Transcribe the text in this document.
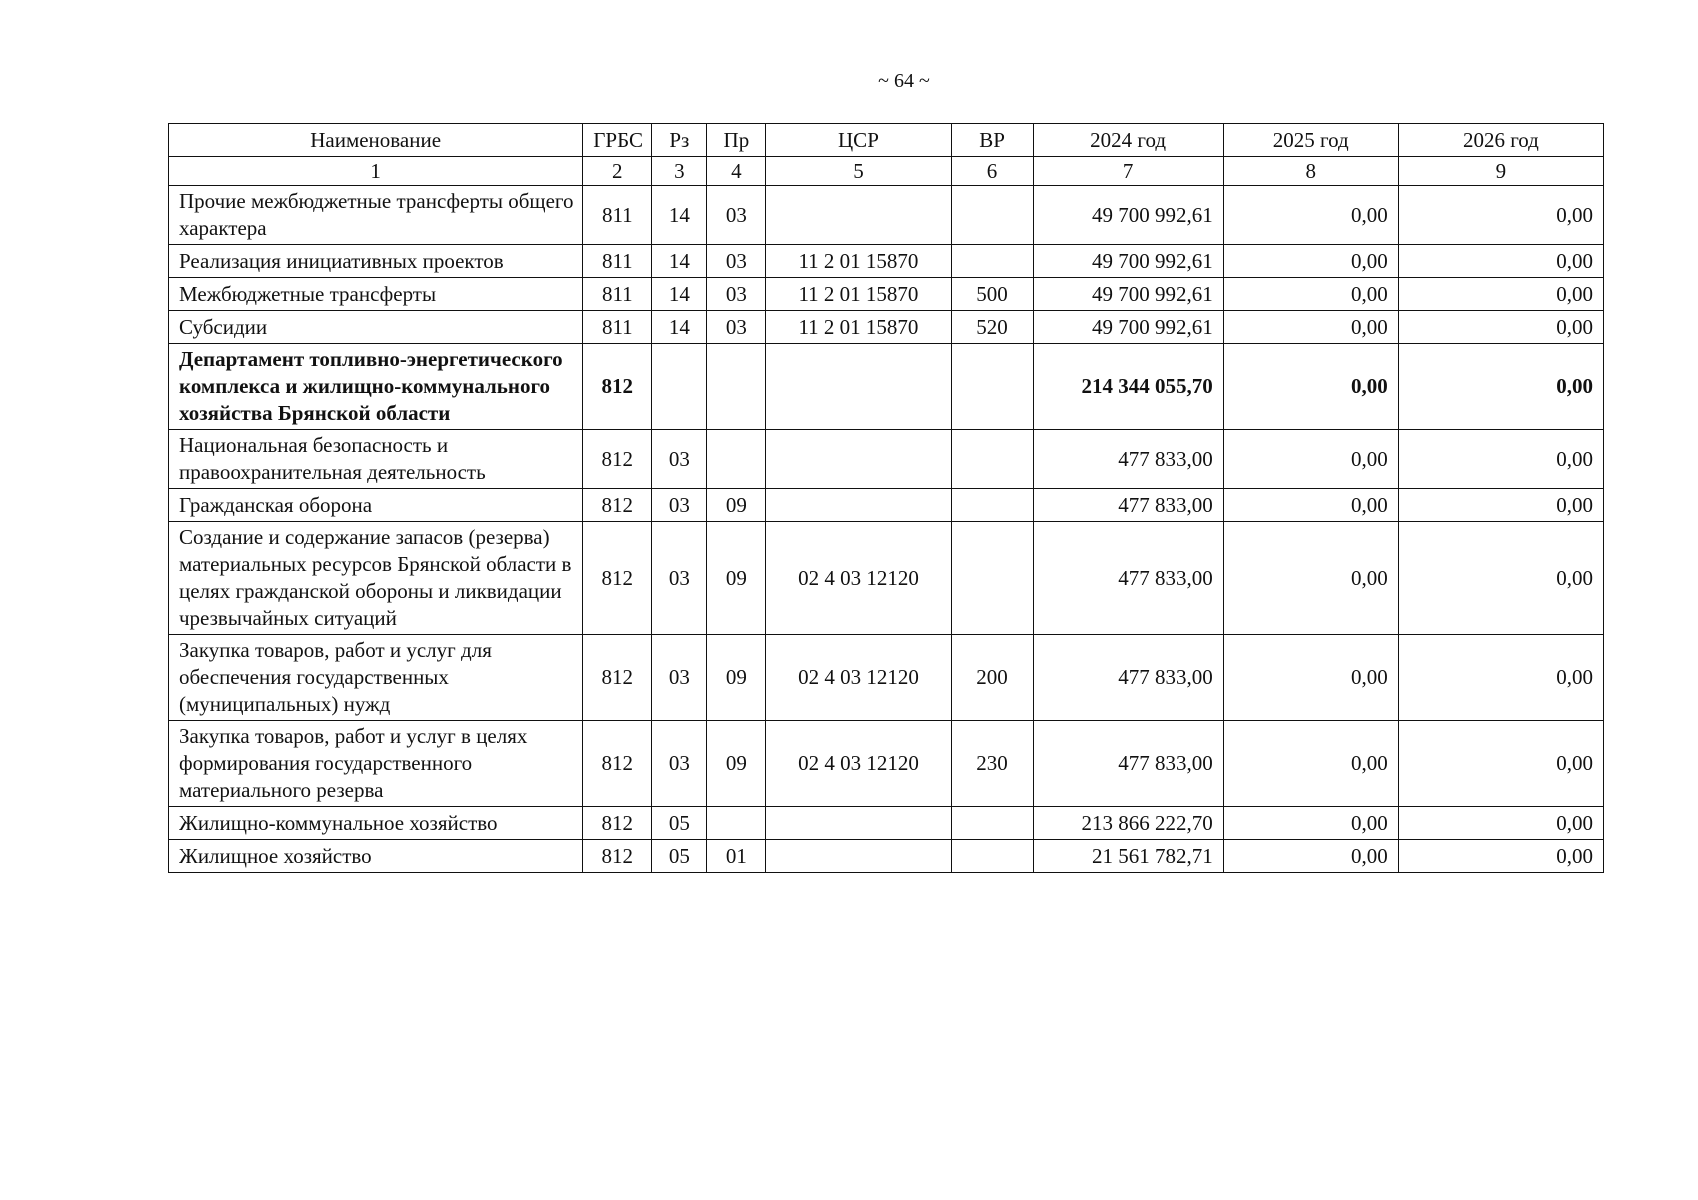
~ 64 ~
Наименование	ГРБС	Рз	Пр	ЦСР	ВР	2024 год	2025 год	2026 год
1	2	3	4	5	6	7	8	9
Прочие межбюджетные трансферты общего характера	811	14	03			49 700 992,61	0,00	0,00
Реализация инициативных проектов	811	14	03	11 2 01 15870		49 700 992,61	0,00	0,00
Межбюджетные трансферты	811	14	03	11 2 01 15870	500	49 700 992,61	0,00	0,00
Субсидии	811	14	03	11 2 01 15870	520	49 700 992,61	0,00	0,00
Департамент топливно-энергетического комплекса и жилищно-коммунального хозяйства Брянской области	812					214 344 055,70	0,00	0,00
Национальная безопасность и правоохранительная деятельность	812	03				477 833,00	0,00	0,00
Гражданская оборона	812	03	09			477 833,00	0,00	0,00
Создание и содержание запасов (резерва) материальных ресурсов Брянской области в целях гражданской обороны и ликвидации чрезвычайных ситуаций	812	03	09	02 4 03 12120		477 833,00	0,00	0,00
Закупка товаров, работ и услуг для обеспечения государственных (муниципальных) нужд	812	03	09	02 4 03 12120	200	477 833,00	0,00	0,00
Закупка товаров, работ и услуг в целях формирования государственного материального резерва	812	03	09	02 4 03 12120	230	477 833,00	0,00	0,00
Жилищно-коммунальное хозяйство	812	05				213 866 222,70	0,00	0,00
Жилищное хозяйство	812	05	01			21 561 782,71	0,00	0,00
